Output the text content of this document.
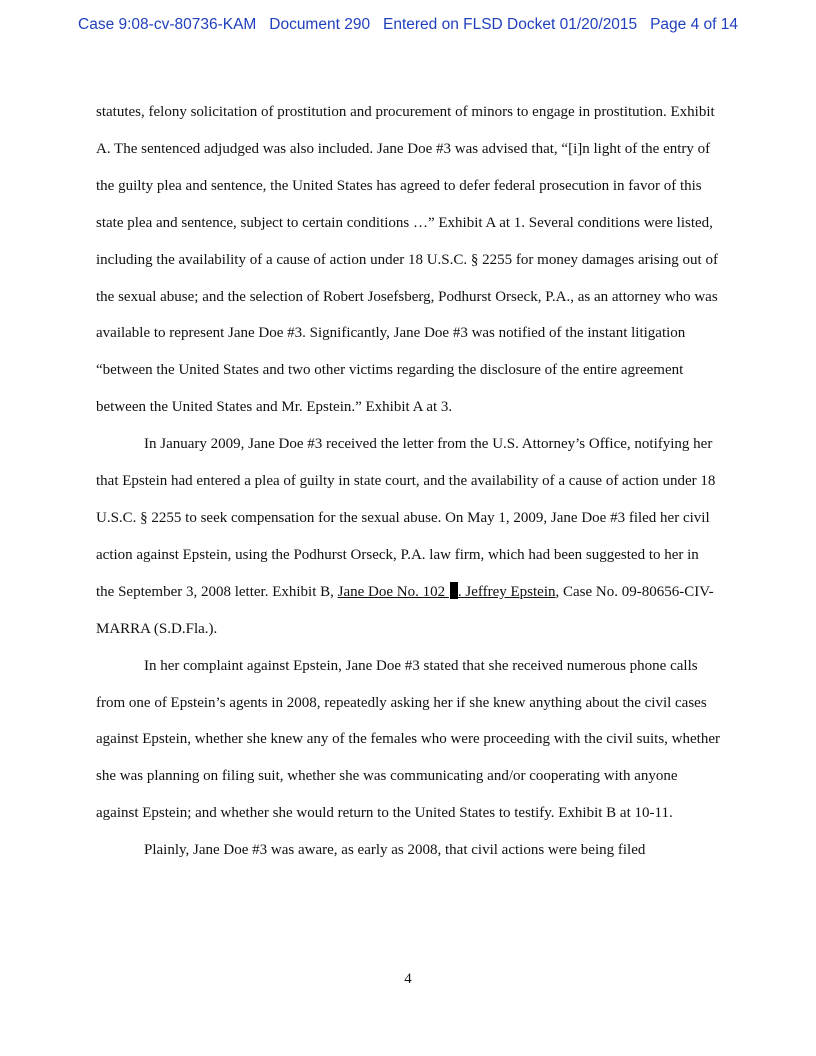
Case 9:08-cv-80736-KAM   Document 290   Entered on FLSD Docket 01/20/2015   Page 4 of 14

statutes, felony solicitation of prostitution and procurement of minors to engage in prostitution. Exhibit A. The sentenced adjudged was also included. Jane Doe #3 was advised that, “[i]n light of the entry of the guilty plea and sentence, the United States has agreed to defer federal prosecution in favor of this state plea and sentence, subject to certain conditions …” Exhibit A at 1. Several conditions were listed, including the availability of a cause of action under 18 U.S.C. § 2255 for money damages arising out of the sexual abuse; and the selection of Robert Josefsberg, Podhurst Orseck, P.A., as an attorney who was available to represent Jane Doe #3. Significantly, Jane Doe #3 was notified of the instant litigation “between the United States and two other victims regarding the disclosure of the entire agreement between the United States and Mr. Epstein.” Exhibit A at 3.

In January 2009, Jane Doe #3 received the letter from the U.S. Attorney’s Office, notifying her that Epstein had entered a plea of guilty in state court, and the availability of a cause of action under 18 U.S.C. § 2255 to seek compensation for the sexual abuse. On May 1, 2009, Jane Doe #3 filed her civil action against Epstein, using the Podhurst Orseck, P.A. law firm, which had been suggested to her in the September 3, 2008 letter. Exhibit B, Jane Doe No. 102 . Jeffrey Epstein, Case No. 09-80656-CIV-MARRA (S.D.Fla.).

In her complaint against Epstein, Jane Doe #3 stated that she received numerous phone calls from one of Epstein’s agents in 2008, repeatedly asking her if she knew anything about the civil cases against Epstein, whether she knew any of the females who were proceeding with the civil suits, whether she was planning on filing suit, whether she was communicating and/or cooperating with anyone against Epstein; and whether she would return to the United States to testify. Exhibit B at 10-11.

Plainly, Jane Doe #3 was aware, as early as 2008, that civil actions were being filed

4
